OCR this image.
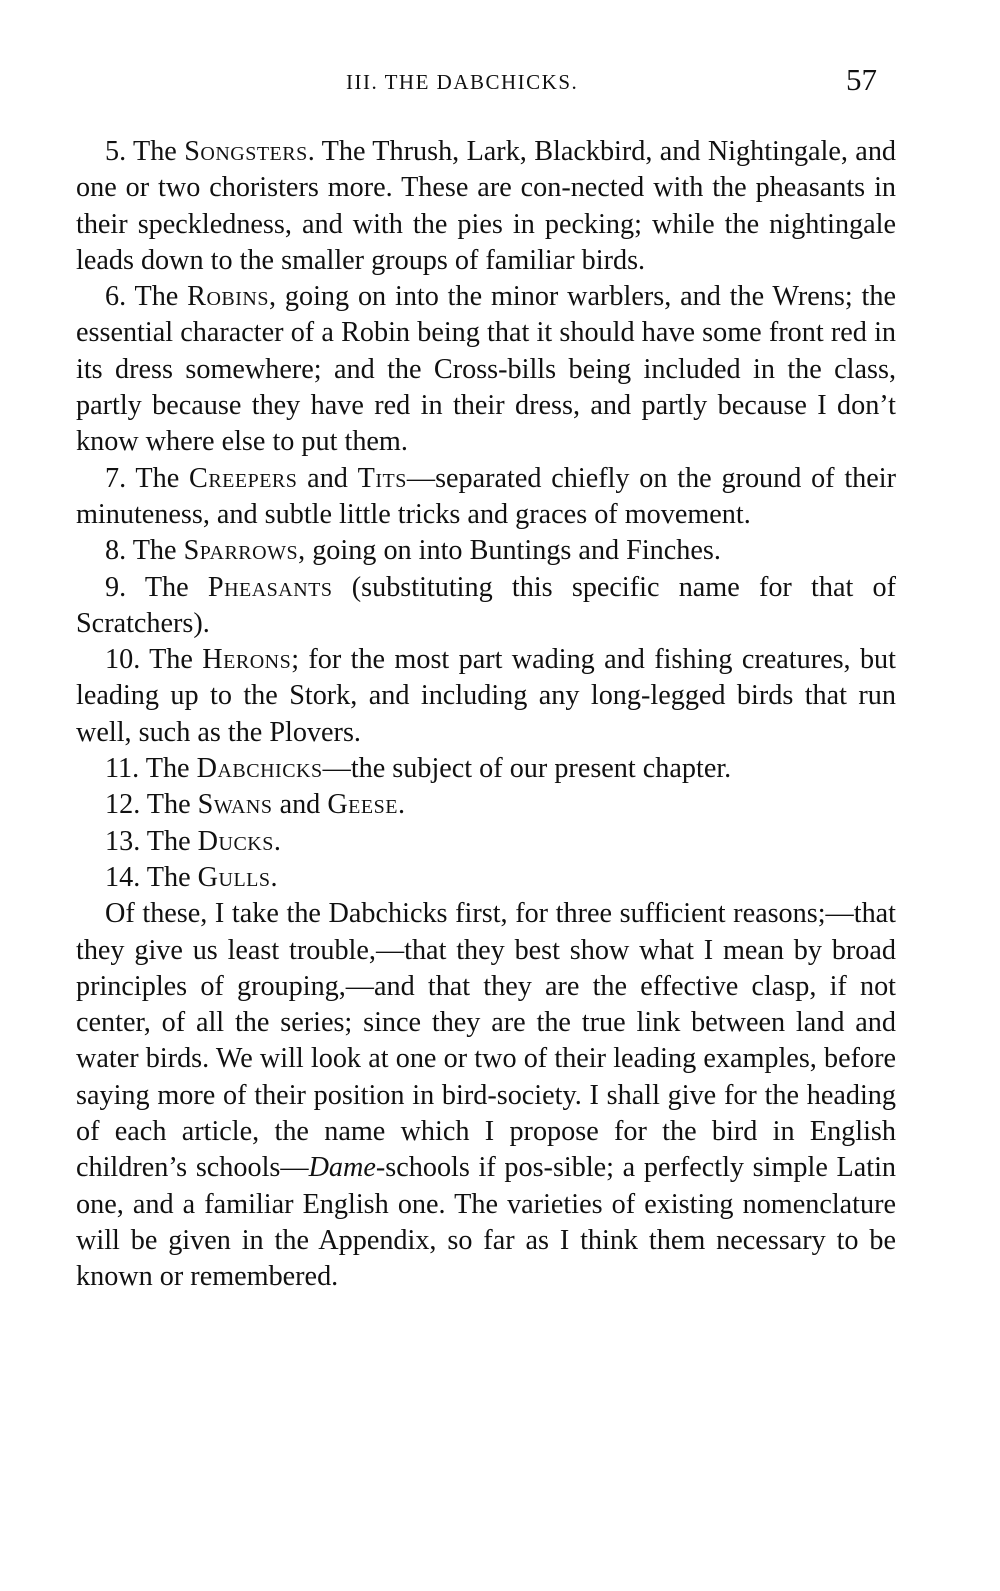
III. THE DABCHICKS.	57

5. The Songsters. The Thrush, Lark, Blackbird, and Nightingale, and one or two choristers more. These are con-nected with the pheasants in their speckledness, and with the pies in pecking; while the nightingale leads down to the smaller groups of familiar birds.

6. The Robins, going on into the minor warblers, and the Wrens; the essential character of a Robin being that it should have some front red in its dress somewhere; and the Cross-bills being included in the class, partly because they have red in their dress, and partly because I don’t know where else to put them.

7. The Creepers and Tits—separated chiefly on the ground of their minuteness, and subtle little tricks and graces of movement.

8. The Sparrows, going on into Buntings and Finches.

9. The Pheasants (substituting this specific name for that of Scratchers).

10. The Herons; for the most part wading and fishing creatures, but leading up to the Stork, and including any long-legged birds that run well, such as the Plovers.

11. The Dabchicks—the subject of our present chapter.

12. The Swans and Geese.

13. The Ducks.

14. The Gulls.

Of these, I take the Dabchicks first, for three sufficient reasons;—that they give us least trouble,—that they best show what I mean by broad principles of grouping,—and that they are the effective clasp, if not center, of all the series; since they are the true link between land and water birds. We will look at one or two of their leading examples, before saying more of their position in bird-society. I shall give for the heading of each article, the name which I propose for the bird in English children’s schools—Dame-schools if pos-sible; a perfectly simple Latin one, and a familiar English one. The varieties of existing nomenclature will be given in the Appendix, so far as I think them necessary to be known or remembered.
